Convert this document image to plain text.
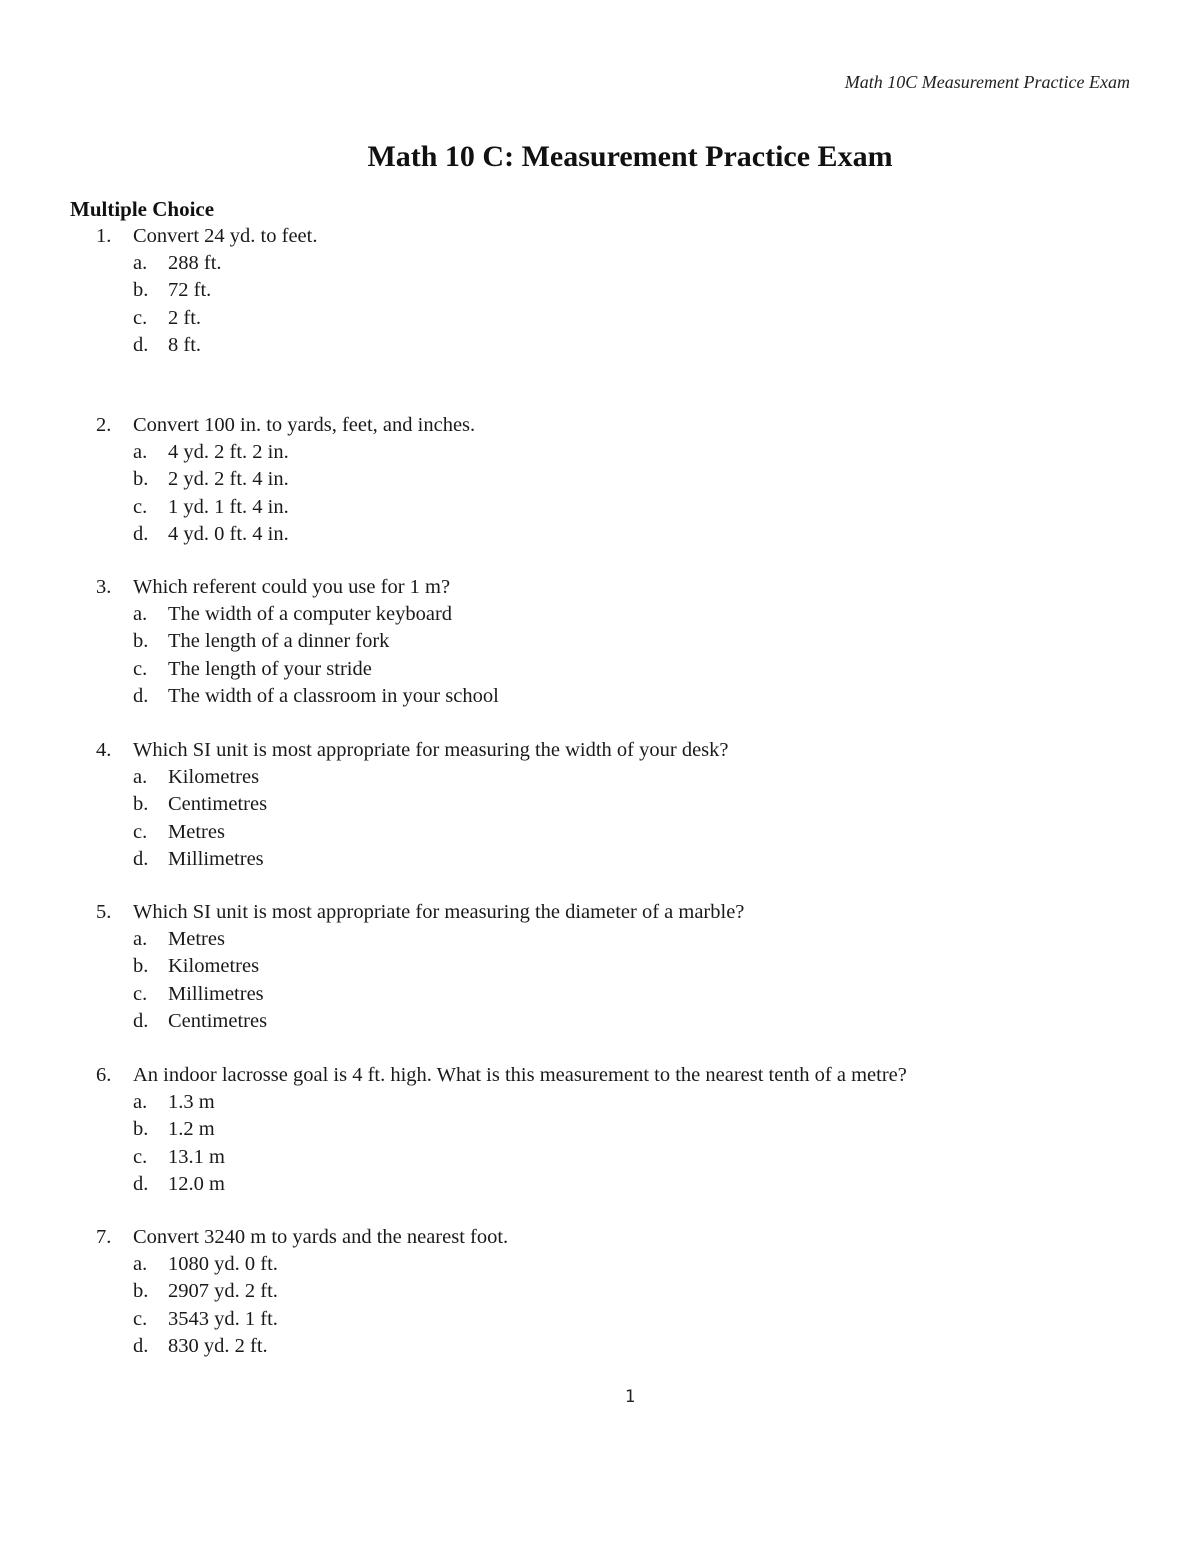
Math 10C Measurement Practice Exam
Math 10 C: Measurement Practice Exam
Multiple Choice
1. Convert 24 yd. to feet.
a. 288 ft.
b. 72 ft.
c. 2 ft.
d. 8 ft.
2. Convert 100 in. to yards, feet, and inches.
a. 4 yd. 2 ft. 2 in.
b. 2 yd. 2 ft. 4 in.
c. 1 yd. 1 ft. 4 in.
d. 4 yd. 0 ft. 4 in.
3. Which referent could you use for 1 m?
a. The width of a computer keyboard
b. The length of a dinner fork
c. The length of your stride
d. The width of a classroom in your school
4. Which SI unit is most appropriate for measuring the width of your desk?
a. Kilometres
b. Centimetres
c. Metres
d. Millimetres
5. Which SI unit is most appropriate for measuring the diameter of a marble?
a. Metres
b. Kilometres
c. Millimetres
d. Centimetres
6. An indoor lacrosse goal is 4 ft. high. What is this measurement to the nearest tenth of a metre?
a. 1.3 m
b. 1.2 m
c. 13.1 m
d. 12.0 m
7. Convert 3240 m to yards and the nearest foot.
a. 1080 yd. 0 ft.
b. 2907 yd. 2 ft.
c. 3543 yd. 1 ft.
d. 830 yd. 2 ft.
1
